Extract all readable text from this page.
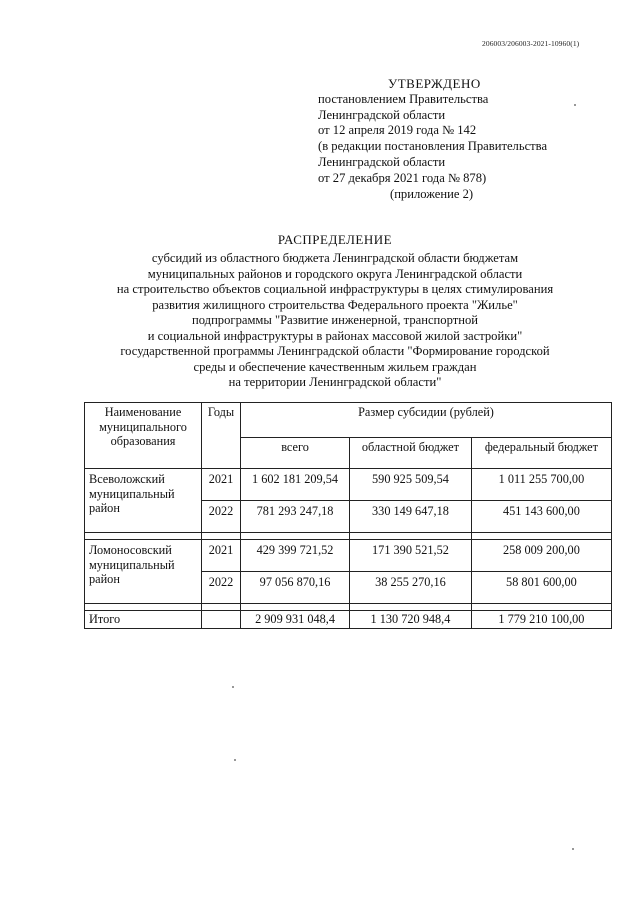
206003/206003-2021-10960(1)
УТВЕРЖДЕНО
постановлением Правительства
Ленинградской области
от 12 апреля 2019 года № 142
(в редакции постановления Правительства
Ленинградской области
от 27 декабря 2021 года № 878)
(приложение 2)
РАСПРЕДЕЛЕНИЕ
субсидий из областного бюджета Ленинградской области бюджетам
муниципальных районов и городского округа Ленинградской области
на строительство объектов социальной инфраструктуры в целях стимулирования
развития жилищного строительства Федерального проекта "Жилье"
подпрограммы "Развитие инженерной, транспортной
и социальной инфраструктуры в районах массовой жилой застройки"
государственной программы Ленинградской области "Формирование городской
среды и обеспечение качественным жильем граждан
на территории Ленинградской области"
Наименование муниципального образования	Годы	Размер субсидии (рублей)		
		всего	областной бюджет	федеральный бюджет
Всеволожский муниципальный район	2021	1 602 181 209,54	590 925 509,54	1 011 255 700,00
	2022	781 293 247,18	330 149 647,18	451 143 600,00

Ломоносовский муниципальный район	2021	429 399 721,52	171 390 521,52	258 009 200,00
	2022	97 056 870,16	38 255 270,16	58 801 600,00

Итого		2 909 931 048,4	1 130 720 948,4	1 779 210 100,00
